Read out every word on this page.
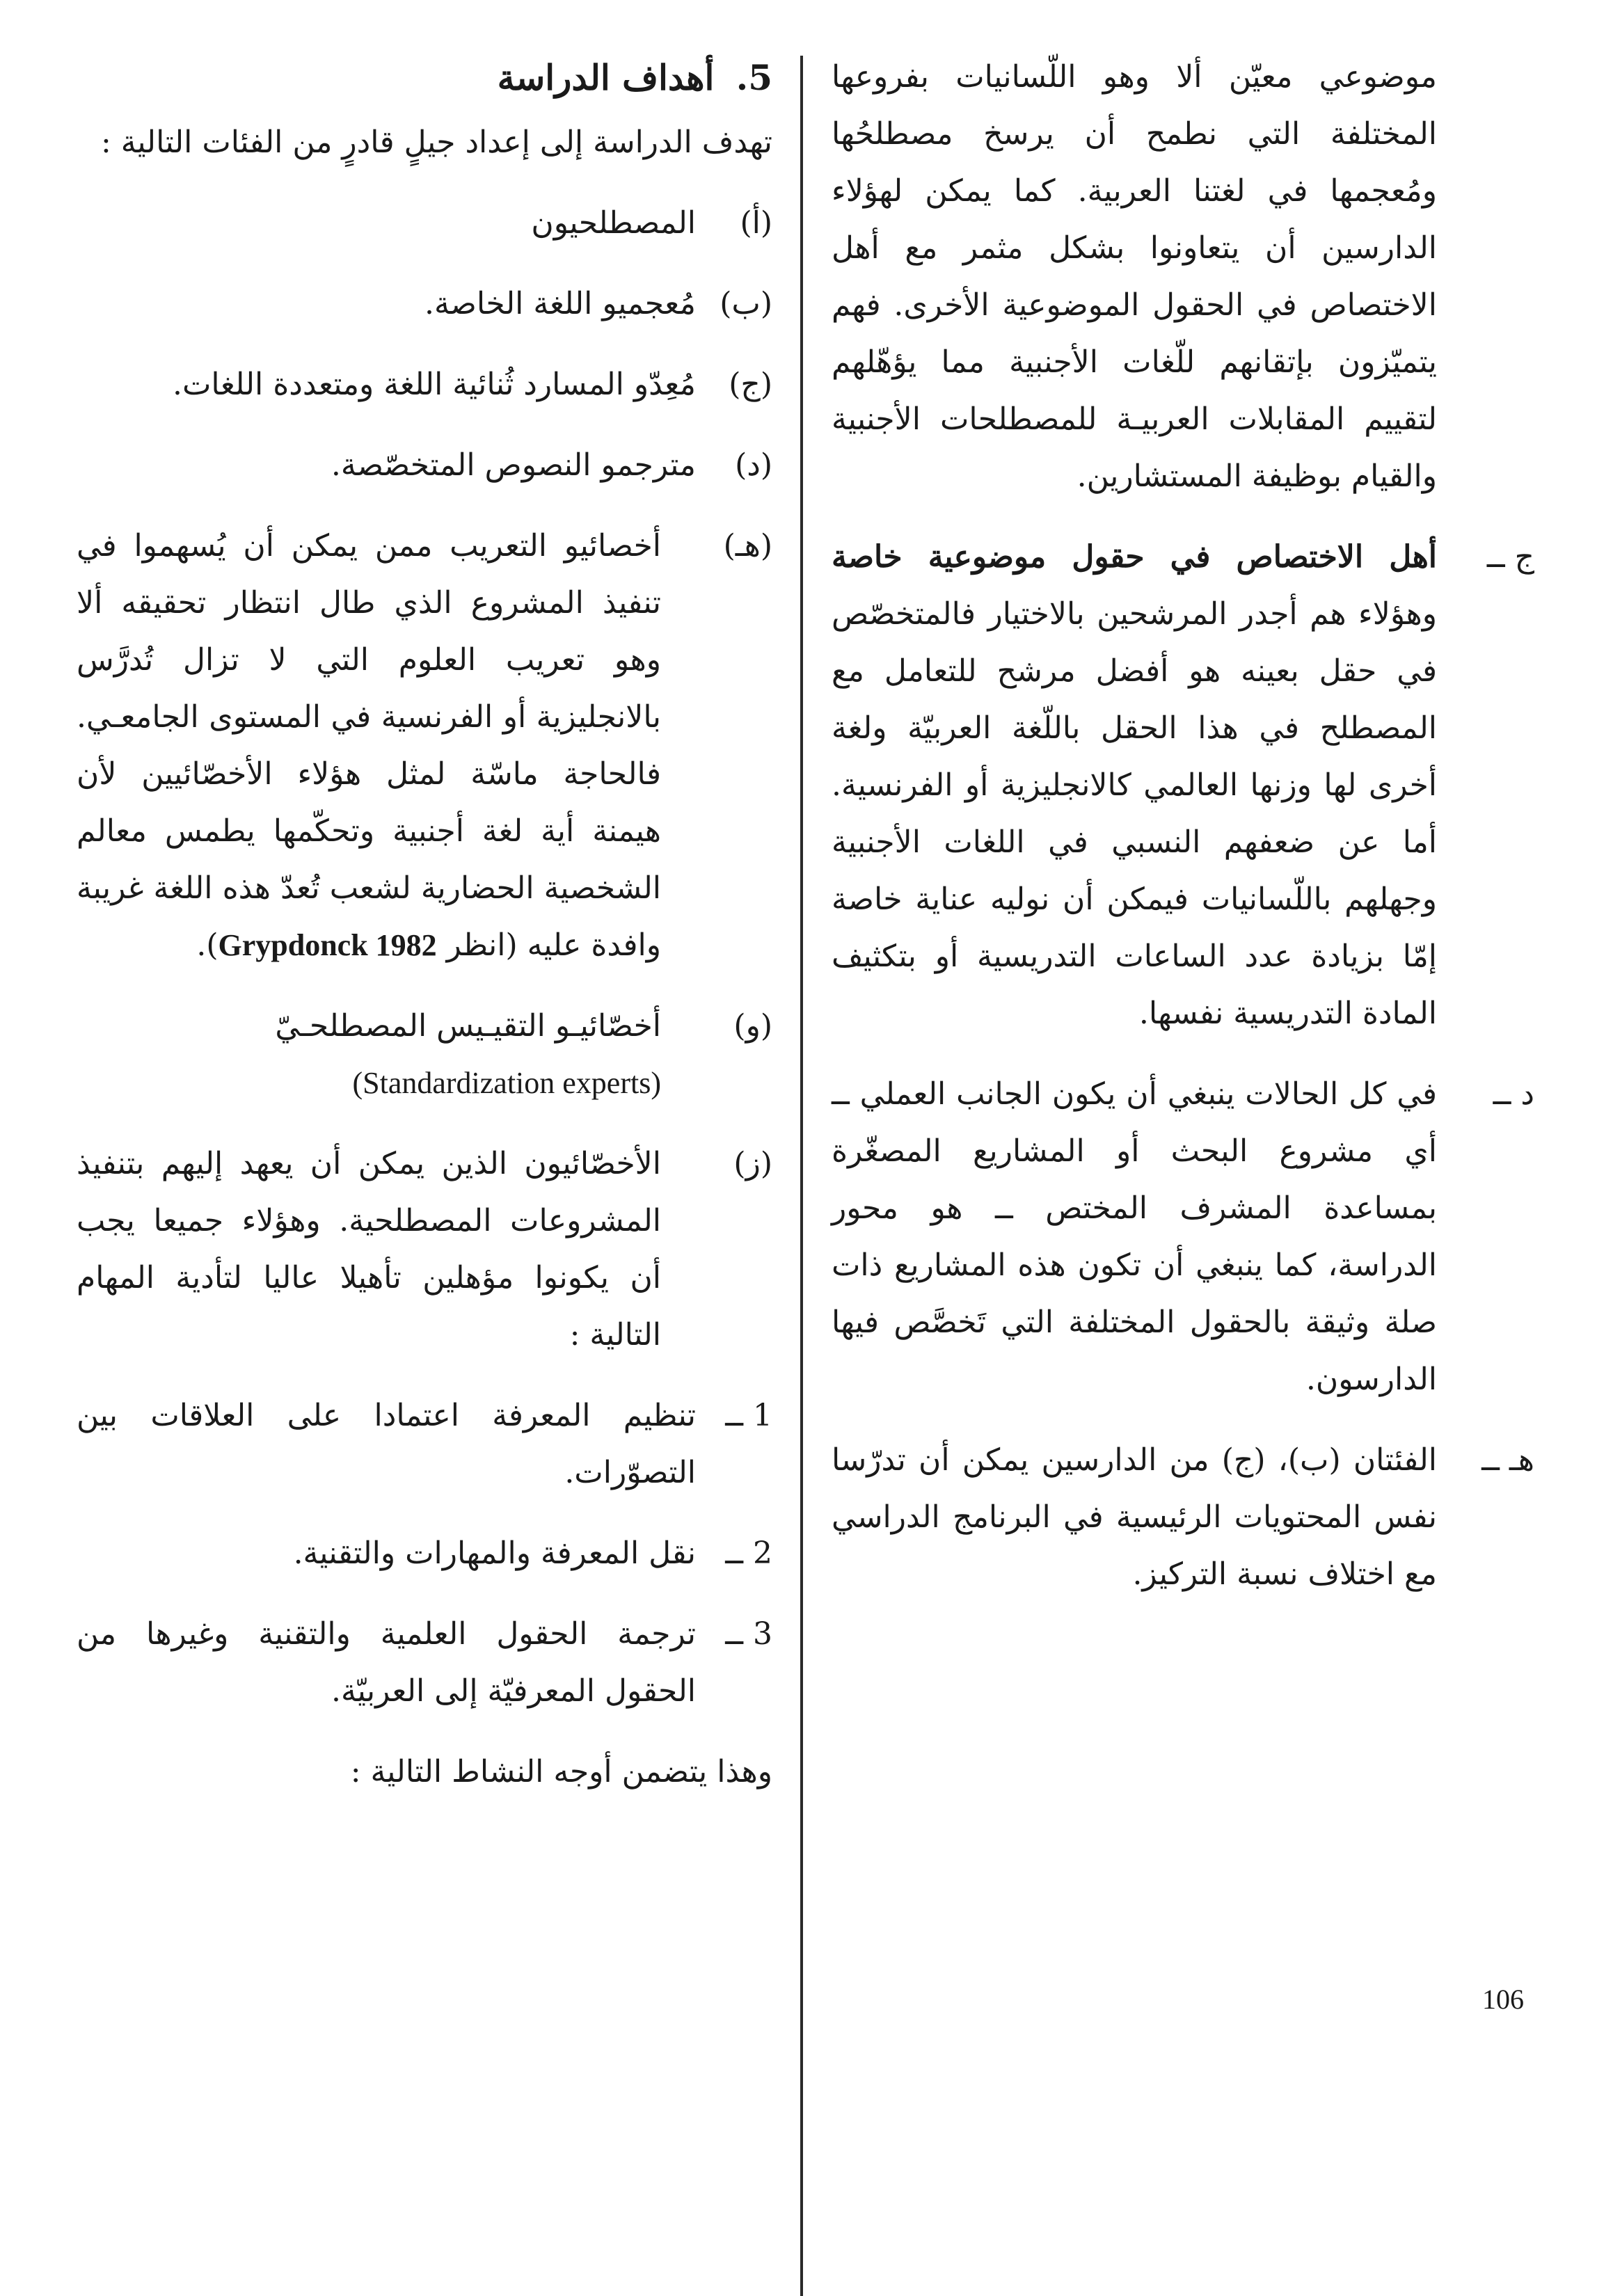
موضوعي معيّن ألا وهو اللّسانيات بفروعها المختلفة التي نطمح أن يرسخ مصطلحُها ومُعجمها في لغتنا العربية. كما يمكن لهؤلاء الدارسين أن يتعاونوا بشكل مثمر مع أهل الاختصاص في الحقول الموضوعية الأخرى. فهم يتميّزون بإتقانهم للّغات الأجنبية مما يؤهّلهم لتقييم المقابلات العربيـة للمصطلحات الأجنبية والقيام بوظيفة المستشارين.

ج ــ
أهل الاختصاص في حقول موضوعية خاصة وهؤلاء هم أجدر المرشحين بالاختيار فالمتخصّص في حقل بعينه هو أفضل مرشح للتعامل مع المصطلح في هذا الحقل باللّغة العربيّة ولغة أخرى لها وزنها العالمي كالانجليزية أو الفرنسية. أما عن ضعفهم النسبي في اللغات الأجنبية وجهلهم باللّسانيات فيمكن أن نوليه عناية خاصة إمّا بزيادة عدد الساعات التدريسية أو بتكثيف المادة التدريسية نفسها.
د ــ
في كل الحالات ينبغي أن يكون الجانب العملي ــ أي مشروع البحث أو المشاريع المصغّرة بمساعدة المشرف المختص ــ هو محور الدراسة، كما ينبغي أن تكون هذه المشاريع ذات صلة وثيقة بالحقول المختلفة التي تَخصَّص فيها الدارسون.
هـ ــ
الفئتان (ب)، (ج) من الدارسين يمكن أن تدرّسا نفس المحتويات الرئيسية في البرنامج الدراسي مع اختلاف نسبة التركيز.
5. أهداف الدراسة

تهدف الدراسة إلى إعداد جيلٍ قادرٍ من الفئات التالية :

(أ)
المصطلحيون
(ب)
مُعجميو اللغة الخاصة.
(ج)
مُعِدّو المسارد ثُنائية اللغة ومتعددة اللغات.
(د)
مترجمو النصوص المتخصّصة.
(هـ)
أخصائيو التعريب ممن يمكن أن يُسهموا في تنفيذ المشروع الذي طال انتظار تحقيقه ألا وهو تعريب العلوم التي لا تزال تُدرَّس بالانجليزية أو الفرنسية في المستوى الجامعـي. فالحاجة ماسّة لمثل هؤلاء الأخصّائيين لأن هيمنة أية لغة أجنبية وتحكّمها يطمس معالم الشخصية الحضارية لشعب تُعدّ هذه اللغة غريبة وافدة عليه (انظر Grypdonck 1982).
(و)
أخصّائيـو التقيـيس المصطلحـيّ
(Standardization experts)
(ز)
الأخصّائيون الذين يمكن أن يعهد إليهم بتنفيذ المشروعات المصطلحية. وهؤلاء جميعا يجب أن يكونوا مؤهلين تأهيلا عاليا لتأدية المهام التالية :
1 ــ
تنظيم المعرفة اعتمادا على العلاقات بين التصوّرات.
2 ــ
نقل المعرفة والمهارات والتقنية.
3 ــ
ترجمة الحقول العلمية والتقنية وغيرها من الحقول المعرفيّة إلى العربيّة.

وهذا يتضمن أوجه النشاط التالية :

106
